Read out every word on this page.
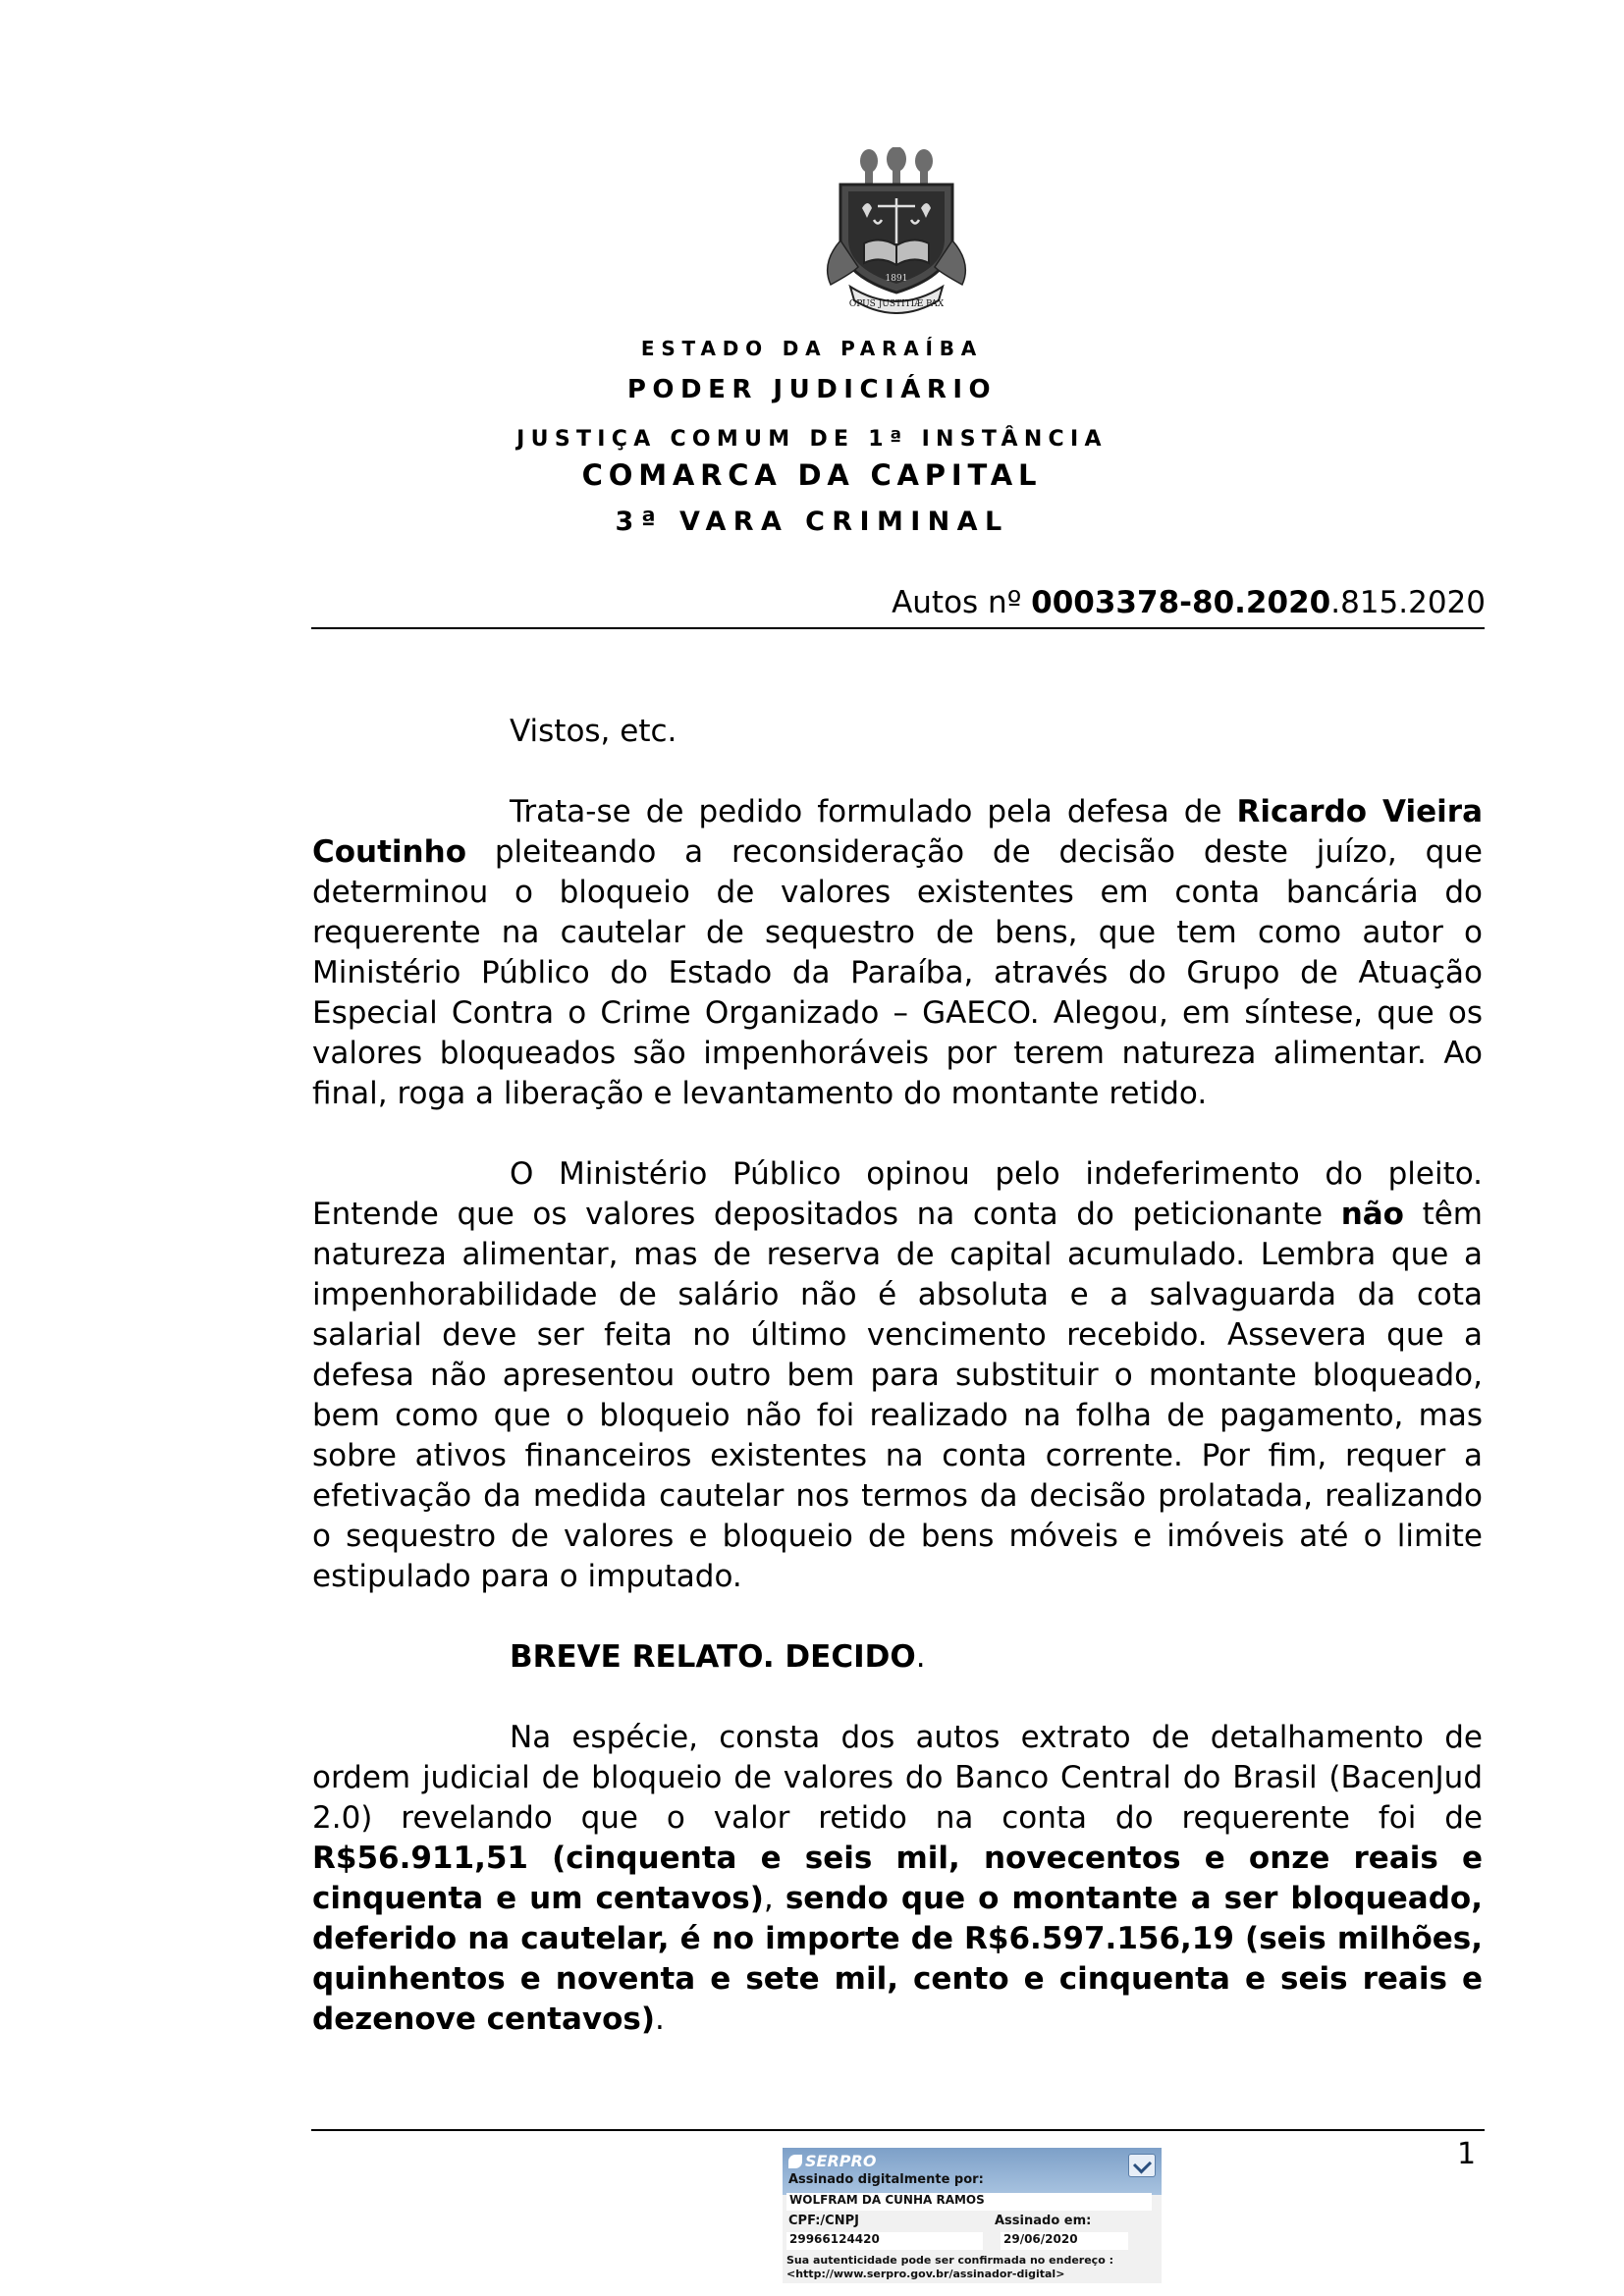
1891
OPUS JUSTITIÆ PAX
ESTADO DA PARAÍBA
PODER JUDICIÁRIO
JUSTIÇA COMUM DE 1ª INSTÂNCIA
COMARCA DA CAPITAL
3ª VARA CRIMINAL
Autos nº 0003378-80.2020.815.2020

Vistos, etc.

Trata-se de pedido formulado pela defesa de Ricardo Vieira Coutinho pleiteando a reconsideração de decisão deste juízo, que determinou o bloqueio de valores existentes em conta bancária do requerente na cautelar de sequestro de bens, que tem como autor o Ministério Público do Estado da Paraíba, através do Grupo de Atuação Especial Contra o Crime Organizado – GAECO. Alegou, em síntese, que os valores bloqueados são impenhoráveis por terem natureza alimentar. Ao final, roga a liberação e levantamento do montante retido.

O Ministério Público opinou pelo indeferimento do pleito. Entende que os valores depositados na conta do peticionante não têm natureza alimentar, mas de reserva de capital acumulado. Lembra que a impenhorabilidade de salário não é absoluta e a salvaguarda da cota salarial deve ser feita no último vencimento recebido. Assevera que a defesa não apresentou outro bem para substituir o montante bloqueado, bem como que o bloqueio não foi realizado na folha de pagamento, mas sobre ativos financeiros existentes na conta corrente. Por fim, requer a efetivação da medida cautelar nos termos da decisão prolatada, realizando o sequestro de valores e bloqueio de bens móveis e imóveis até o limite estipulado para o imputado.

BREVE RELATO. DECIDO.

Na espécie, consta dos autos extrato de detalhamento de ordem judicial de bloqueio de valores do Banco Central do Brasil (BacenJud 2.0) revelando que o valor retido na conta do requerente foi de R$56.911,51 (cinquenta e seis mil, novecentos e onze reais e cinquenta e um centavos), sendo que o montante a ser bloqueado, deferido na cautelar, é no importe de R$6.597.156,19 (seis milhões, quinhentos e noventa e sete mil, cento e cinquenta e seis reais e dezenove centavos).

1
SERPRO
Assinado digitalmente por:
WOLFRAM DA CUNHA RAMOS
CPF:/CNPJ	Assinado em:
29966124420	29/06/2020
Sua autenticidade pode ser confirmada no endereço :
<http://www.serpro.gov.br/assinador-digital>
